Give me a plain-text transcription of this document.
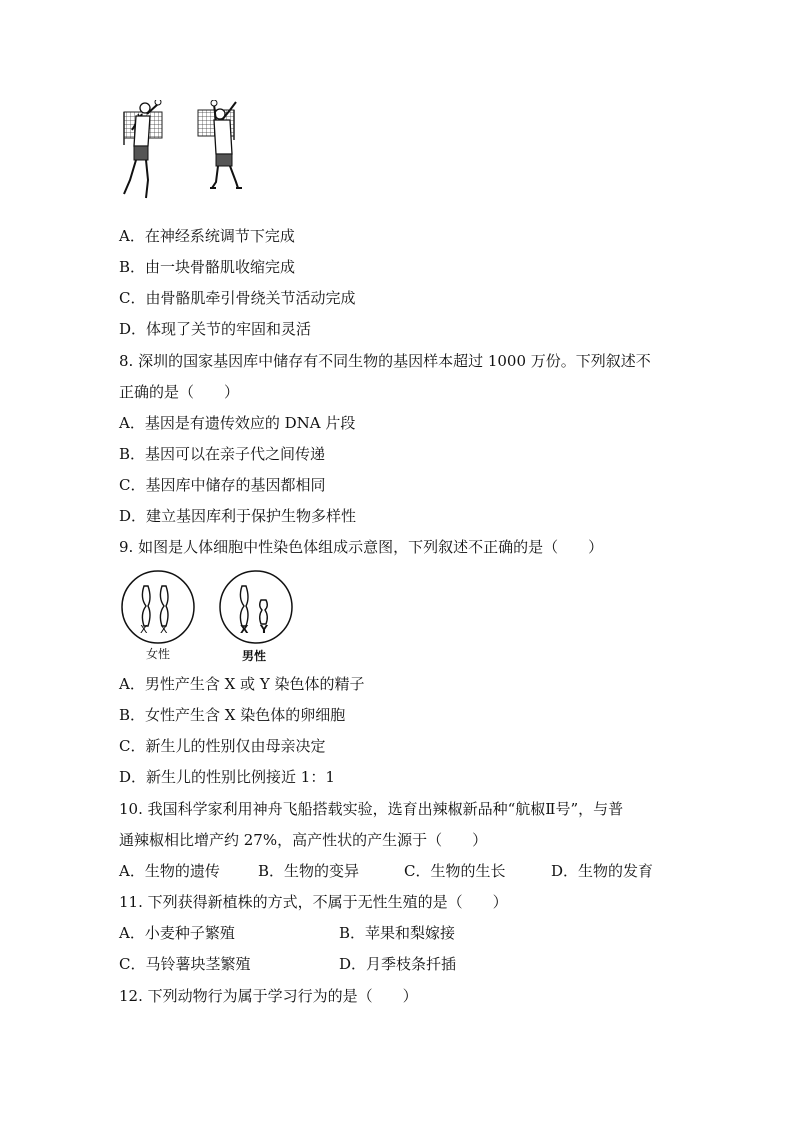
A．在神经系统调节下完成
B．由一块骨骼肌收缩完成
C．由骨骼肌牵引骨绕关节活动完成
D．体现了关节的牢固和灵活
8. 深圳的国家基因库中储存有不同生物的基因样本超过 1000 万份。下列叙述不
正确的是（　　）
A．基因是有遗传效应的 DNA 片段
B．基因可以在亲子代之间传递
C．基因库中储存的基因都相同
D．建立基因库利于保护生物多样性
9. 如图是人体细胞中性染色体组成示意图，下列叙述不正确的是（　　）
X X	X Y
女性	男性
A．男性产生含 X 或 Y 染色体的精子
B．女性产生含 X 染色体的卵细胞
C．新生儿的性别仅由母亲决定
D．新生儿的性别比例接近 1：1
10. 我国科学家利用神舟飞船搭载实验，选育出辣椒新品种“航椒Ⅱ号”，与普
通辣椒相比增产约 27%，高产性状的产生源于（　　）
A．生物的遗传	B．生物的变异	C．生物的生长	D．生物的发育
11. 下列获得新植株的方式，不属于无性生殖的是（　　）
A．小麦种子繁殖	B．苹果和梨嫁接
C．马铃薯块茎繁殖	D．月季枝条扦插
12. 下列动物行为属于学习行为的是（　　）
